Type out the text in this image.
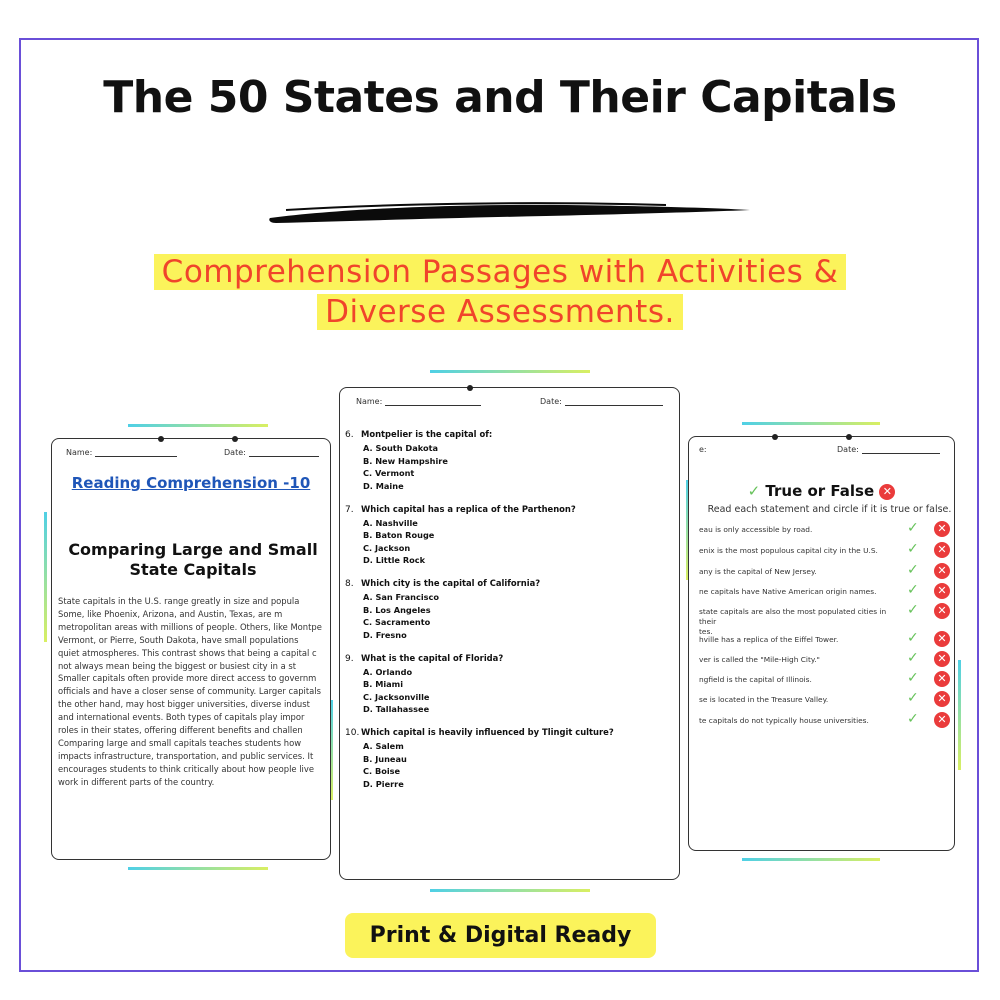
The 50 States and Their Capitals
Comprehension Passages with Activities &
Diverse Assessments.
Name:	Date:
Reading Comprehension -10
Comparing Large and Small
State Capitals
State capitals in the U.S. range greatly in size and popula
Some, like Phoenix, Arizona, and Austin, Texas, are m
metropolitan areas with millions of people. Others, like Montpe
Vermont, or Pierre, South Dakota, have small populations
quiet atmospheres. This contrast shows that being a capital c
not always mean being the biggest or busiest city in a st
Smaller capitals often provide more direct access to governm
officials and have a closer sense of community. Larger capitals
the other hand, may host bigger universities, diverse indust
and international events. Both types of capitals play impor
roles in their states, offering different benefits and challen
Comparing large and small capitals teaches students how
impacts infrastructure, transportation, and public services. It
encourages students to think critically about how people live
work in different parts of the country.
Name:	Date:
6. Montpelier is the capital of:
A. South Dakota
B. New Hampshire
C. Vermont
D. Maine
7. Which capital has a replica of the Parthenon?
A. Nashville
B. Baton Rouge
C. Jackson
D. Little Rock
8. Which city is the capital of California?
A. San Francisco
B. Los Angeles
C. Sacramento
D. Fresno
9. What is the capital of Florida?
A. Orlando
B. Miami
C. Jacksonville
D. Tallahassee
10. Which capital is heavily influenced by Tlingit culture?
A. Salem
B. Juneau
C. Boise
D. Pierre
e:	Date:
✓ True or False ✕
Read each statement and circle if it is true or false.
eau is only accessible by road.	✓	✕
enix is the most populous capital city in the U.S.	✓	✕
any is the capital of New Jersey.	✓	✕
ne capitals have Native American origin names.	✓	✕
state capitals are also the most populated cities in their
tes.
✓	✕
hville has a replica of the Eiffel Tower.	✓	✕
ver is called the "Mile-High City."	✓	✕
ngfield is the capital of Illinois.	✓	✕
se is located in the Treasure Valley.	✓	✕
te capitals do not typically house universities.	✓	✕
Print & Digital Ready
